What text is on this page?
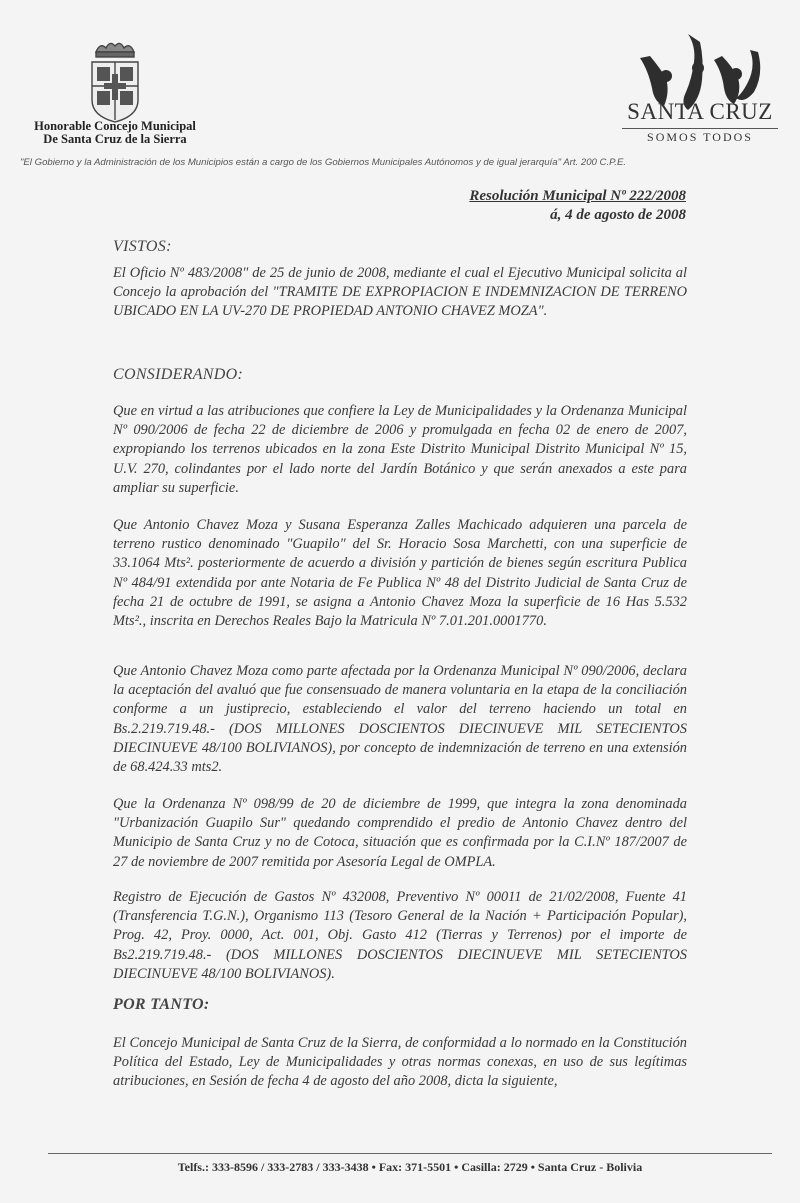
Honorable Concejo Municipal
De Santa Cruz de la Sierra
SANTA CRUZ
SOMOS TODOS
"El Gobierno y la Administración de los Municipios están a cargo de los Gobiernos Municipales Autónomos y de igual jerarquía" Art. 200 C.P.E.
Resolución Municipal Nº 222/2008
á, 4 de agosto de 2008
VISTOS:
El Oficio Nº 483/2008" de 25 de junio de 2008, mediante el cual el Ejecutivo Municipal solicita al Concejo la aprobación del "TRAMITE DE EXPROPIACION E INDEMNIZACION DE TERRENO UBICADO EN LA UV-270 DE PROPIEDAD ANTONIO CHAVEZ MOZA".
CONSIDERANDO:
Que en virtud a las atribuciones que confiere la Ley de Municipalidades y la Ordenanza Municipal Nº 090/2006 de fecha 22 de diciembre de 2006 y promulgada en fecha 02 de enero de 2007, expropiando los terrenos ubicados en la zona Este Distrito Municipal Distrito Municipal Nº 15, U.V. 270, colindantes por el lado norte del Jardín Botánico y que serán anexados a este para ampliar su superficie.
Que Antonio Chavez Moza y Susana Esperanza Zalles Machicado adquieren una parcela de terreno rustico denominado "Guapilo" del Sr. Horacio Sosa Marchetti, con una superficie de 33.1064 Mts². posteriormente de acuerdo a división y partición de bienes según escritura Publica Nº 484/91 extendida por ante Notaria de Fe Publica Nº 48 del Distrito Judicial de Santa Cruz de fecha 21 de octubre de 1991, se asigna a Antonio Chavez Moza la superficie de 16 Has 5.532 Mts²., inscrita en Derechos Reales Bajo la Matricula Nº 7.01.201.0001770.
Que Antonio Chavez Moza como parte afectada por la Ordenanza Municipal Nº 090/2006, declara la aceptación del avaluó que fue consensuado de manera voluntaria en la etapa de la conciliación conforme a un justiprecio, estableciendo el valor del terreno haciendo un total en Bs.2.219.719.48.- (DOS MILLONES DOSCIENTOS DIECINUEVE MIL SETECIENTOS DIECINUEVE 48/100 BOLIVIANOS), por concepto de indemnización de terreno en una extensión de 68.424.33 mts2.
Que la Ordenanza Nº 098/99 de 20 de diciembre de 1999, que integra la zona denominada "Urbanización Guapilo Sur" quedando comprendido el predio de Antonio Chavez dentro del Municipio de Santa Cruz y no de Cotoca, situación que es confirmada por la C.I.Nº 187/2007 de 27 de noviembre de 2007 remitida por Asesoría Legal de OMPLA.
Registro de Ejecución de Gastos Nº 432008, Preventivo Nº 00011 de 21/02/2008, Fuente 41 (Transferencia T.G.N.), Organismo 113 (Tesoro General de la Nación + Participación Popular), Prog. 42, Proy. 0000, Act. 001, Obj. Gasto 412 (Tierras y Terrenos) por el importe de Bs2.219.719.48.- (DOS MILLONES DOSCIENTOS DIECINUEVE MIL SETECIENTOS DIECINUEVE 48/100 BOLIVIANOS).
POR TANTO:
El Concejo Municipal de Santa Cruz de la Sierra, de conformidad a lo normado en la Constitución Política del Estado, Ley de Municipalidades y otras normas conexas, en uso de sus legítimas atribuciones, en Sesión de fecha 4 de agosto del año 2008, dicta la siguiente,
Telfs.: 333-8596 / 333-2783 / 333-3438 • Fax: 371-5501 • Casilla: 2729 • Santa Cruz - Bolivia
